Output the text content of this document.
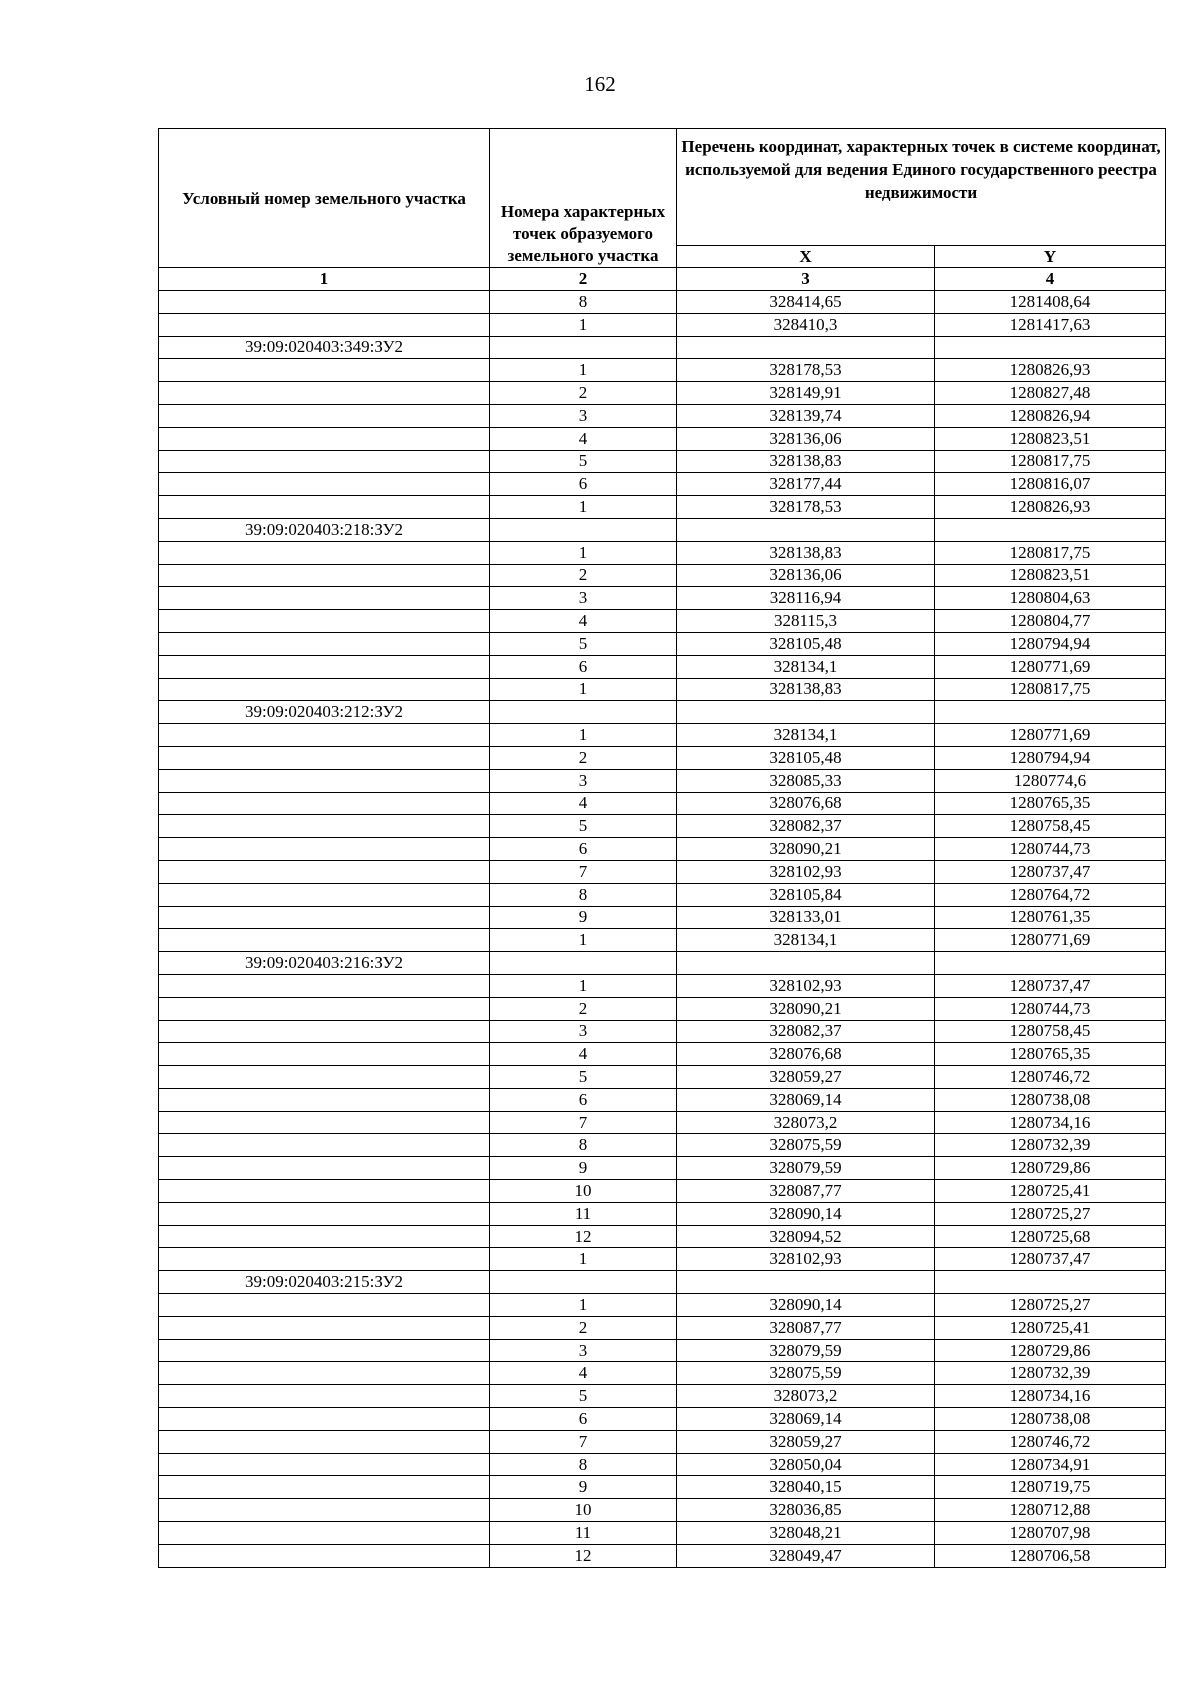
162
Условный номер земельного участка	Номера характерных точек образуемого земельного участка	Перечень координат, характерных точек в системе координат, используемой для ведения Единого государственного реестра недвижимости	
		X	Y
1	2	3	4
	8	328414,65	1281408,64
	1	328410,3	1281417,63
39:09:020403:349:ЗУ2			
	1	328178,53	1280826,93
	2	328149,91	1280827,48
	3	328139,74	1280826,94
	4	328136,06	1280823,51
	5	328138,83	1280817,75
	6	328177,44	1280816,07
	1	328178,53	1280826,93
39:09:020403:218:ЗУ2			
	1	328138,83	1280817,75
	2	328136,06	1280823,51
	3	328116,94	1280804,63
	4	328115,3	1280804,77
	5	328105,48	1280794,94
	6	328134,1	1280771,69
	1	328138,83	1280817,75
39:09:020403:212:ЗУ2			
	1	328134,1	1280771,69
	2	328105,48	1280794,94
	3	328085,33	1280774,6
	4	328076,68	1280765,35
	5	328082,37	1280758,45
	6	328090,21	1280744,73
	7	328102,93	1280737,47
	8	328105,84	1280764,72
	9	328133,01	1280761,35
	1	328134,1	1280771,69
39:09:020403:216:ЗУ2			
	1	328102,93	1280737,47
	2	328090,21	1280744,73
	3	328082,37	1280758,45
	4	328076,68	1280765,35
	5	328059,27	1280746,72
	6	328069,14	1280738,08
	7	328073,2	1280734,16
	8	328075,59	1280732,39
	9	328079,59	1280729,86
	10	328087,77	1280725,41
	11	328090,14	1280725,27
	12	328094,52	1280725,68
	1	328102,93	1280737,47
39:09:020403:215:ЗУ2			
	1	328090,14	1280725,27
	2	328087,77	1280725,41
	3	328079,59	1280729,86
	4	328075,59	1280732,39
	5	328073,2	1280734,16
	6	328069,14	1280738,08
	7	328059,27	1280746,72
	8	328050,04	1280734,91
	9	328040,15	1280719,75
	10	328036,85	1280712,88
	11	328048,21	1280707,98
	12	328049,47	1280706,58
